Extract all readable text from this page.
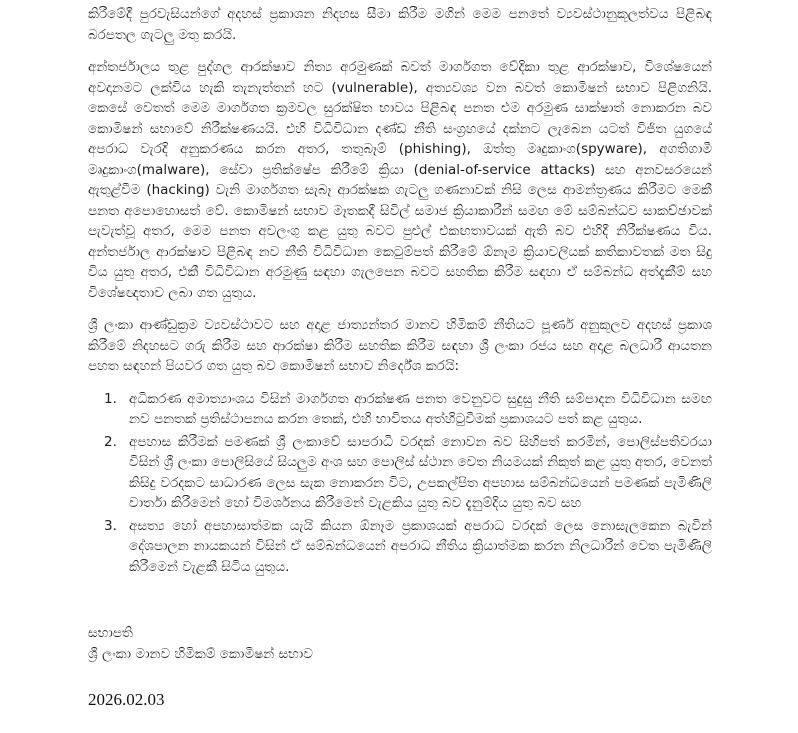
කිරීමේදී පුරවැසියන්ගේ අදහස් ප්‍රකාශන නිදහස සීමා කිරීම මගින් මෙම පනතේ ව්‍යවස්ථානුකූලත්වය පිළිබඳ බරපතල ගැටලු මතු කරයි.

අන්තර්ජාලය තුළ පුද්ගල ආරක්ෂාව නිත්‍ය අරමුණක් බවත් මාර්ගගත වේදිකා තුළ ආරක්ෂාව, විශේෂයෙන් අවදානමට ලක්විය හැකි තැනැත්තන් හට (vulnerable), අත්‍යවශ්‍ය වන බවත් කොමිෂන් සභාව පිළිගනියි. කෙසේ වෙතත් මෙම මාර්ගගත ක්‍රමවල සුරක්ෂිත භාවය පිළිබඳ පනත එම අරමුණ සාක්ෂාත් නොකරන බව කොමිෂන් සභාවේ නිරීක්ෂණයයි. එහි විධිවිධාන දණ්ඩ නීති සංග්‍රහයේ දක්නට ලැබෙන යටත් විජිත යුගයේ අපරාධ වැරදි අනුකරණය කරන අතර, තතුබෑම් (phishing), ඔත්තු මෘදුකාංග(spyware), අගතිගාමී මෘදුකාංග(malware), සේවා ප්‍රතික්ෂේප කිරීමේ ක්‍රියා (denial-of-service attacks) සහ අනවසරයෙන් ඇතුළ්වීම (hacking) වැනි මාර්ගගත සැබෑ ආරක්ෂක ගැටලු ගණනාවක් නිසි ලෙස ආමන්ත්‍රණය කිරීමට මෙකී පනත අපොහොසත් වේ. කොමිෂන් සභාව මෑතකදී සිවිල් සමාජ ක්‍රියාකාරීන් සමඟ මේ සම්බන්ධව සාකච්ඡාවක් පැවැත්වූ අතර, මෙම පනත අවලංගු කළ යුතු බවට පුළුල් එකඟතාවයක් ඇති බව එහිදී නිරීක්ෂණය විය. අන්තර්ජාල ආරක්ෂාව පිළිබඳ නව නීති විධිවිධාන කෙටුම්පත් කිරීමේ ඕනෑම ක්‍රියාවලියක් කතිකාවතක් මත සිදු විය යුතු අතර, එකී විධිවිධාන අරමුණු සඳහා ගැලපෙන බවට සහතික කිරීම සඳහා ඒ සම්බන්ධ අත්දැකීම් සහ විශේෂඥතාව ලබා ගත යුතුය.

ශ්‍රී ලංකා ආණ්ඩුක්‍රම ව්‍යවස්ථාවට සහ අදාළ ජාත්‍යන්තර මානව හිමිකම් නීතියට පූර්ණ අනුකූලව අදහස් ප්‍රකාශ කිරීමේ නිදහසට ගරු කිරීම සහ ආරක්ෂා කිරීම සහතික කිරීම සඳහා ශ්‍රී ලංකා රජය සහ අදාළ බලධාරී ආයතන පහත සඳහන් පියවර ගත යුතු බව කොමිෂන් සභාව නිර්දේශ කරයි:

1. අධිකරණ අමාත්‍යාංශය විසින් මාර්ගගත ආරක්ෂණ පනත වෙනුවට සුදුසු නීති සම්පාදන විධිවිධාන සමඟ නව පනතක් ප්‍රතිස්ථාපනය කරන තෙක්, එහි භාවිතය අත්හිටුවීමක් ප්‍රකාශයට පත් කළ යුතුය.
2. අපහාස කිරීමක් පමණක් ශ්‍රී ලංකාවේ සාපරාධී වරදක් නොවන බව සිහිපත් කරමින්, පොලිස්පතිවරයා විසින් ශ්‍රී ලංකා පොලිසියේ සියලුම අංශ සහ පොලිස් ස්ථාන වෙත නියමයක් නිකුත් කළ යුතු අතර, වෙනත් කිසිදු වරදකට සාධාරණ ලෙස සැක නොකරන විට, උපකල්පිත අපහාස සම්බන්ධයෙන් පමණක් පැමිණිලි වාර්තා කිරීමෙන් හෝ විමර්ශනය කිරීමෙන් වැළකිය යුතු බව දැනුම්දිය යුතු බව සහ
3. අසත්‍ය හෝ අපහාසාත්මක යැයි කියන ඕනෑම ප්‍රකාශයක් අපරාධ වරදක් ලෙස නොසැලකෙන බැවින් දේශපාලන නායකයන් විසින් ඒ සම්බන්ධයෙන් අපරාධ නීතිය ක්‍රියාත්මක කරන නිලධාරීන් වෙත පැමිණිලි කිරීමෙන් වැළකී සිටිය යුතුය.
සභාපති
ශ්‍රී ලංකා මානව හිමිකම් කොමිෂන් සභාව
2026.02.03
